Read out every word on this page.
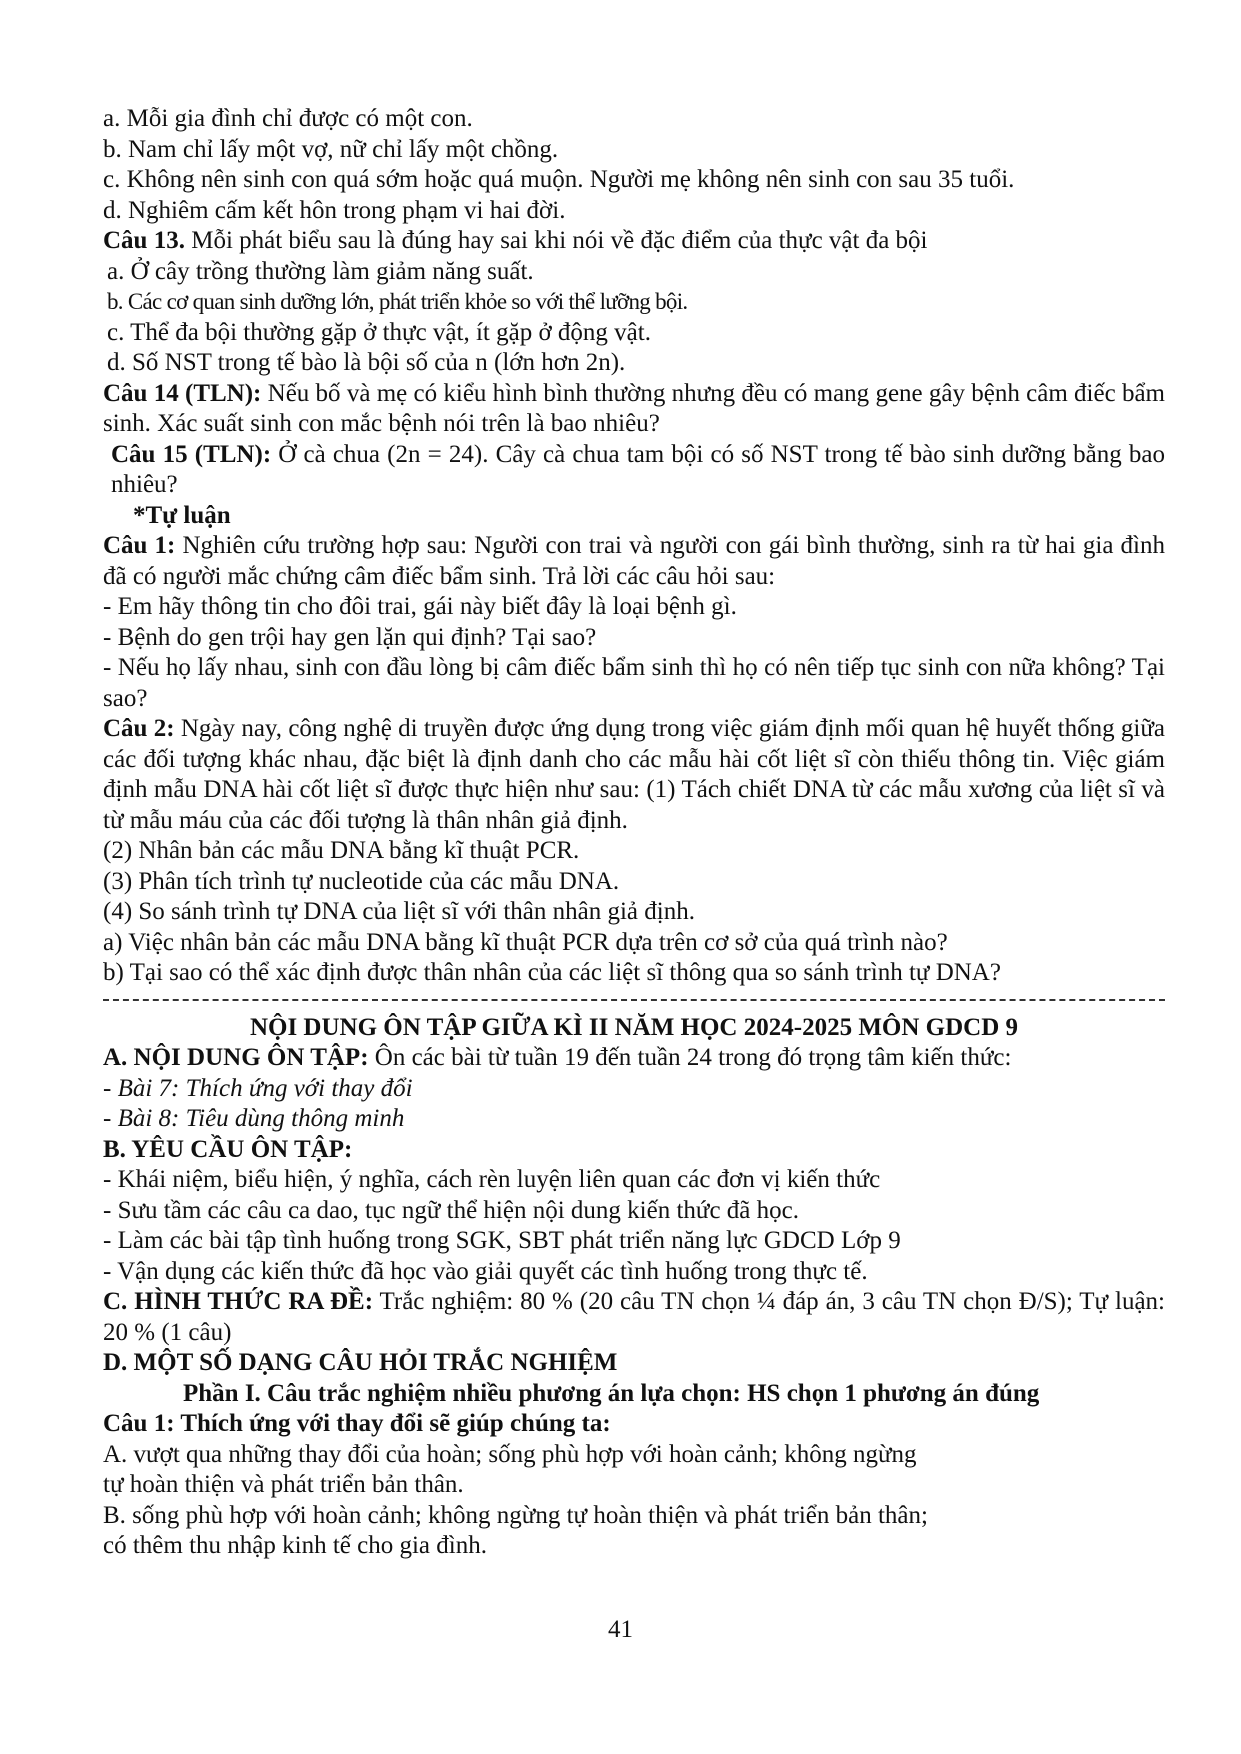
a. Mỗi gia đình chỉ được có một con.
b. Nam chỉ lấy một vợ, nữ chỉ lấy một chồng.
c. Không nên sinh con quá sớm hoặc quá muộn. Người mẹ không nên sinh con sau 35 tuổi.
d. Nghiêm cấm kết hôn trong phạm vi hai đời.
Câu 13. Mỗi phát biểu sau là đúng hay sai khi nói về đặc điểm của thực vật đa bội
a. Ở cây trồng thường làm giảm năng suất.
b. Các cơ quan sinh dưỡng lớn, phát triển khỏe so với thể lưỡng bội.
c. Thể đa bội thường gặp ở thực vật, ít gặp ở động vật.
d. Số NST trong tế bào là bội số của n (lớn hơn 2n).
Câu 14 (TLN): Nếu bố và mẹ có kiểu hình bình thường nhưng đều có mang gene gây bệnh câm điếc bẩm sinh. Xác suất sinh con mắc bệnh nói trên là bao nhiêu?
Câu 15 (TLN): Ở cà chua (2n = 24). Cây cà chua tam bội có số NST trong tế bào sinh dưỡng bằng bao nhiêu?
*Tự luận
Câu 1: Nghiên cứu trường hợp sau: Người con trai và người con gái bình thường, sinh ra từ hai gia đình đã có người mắc chứng câm điếc bẩm sinh. Trả lời các câu hỏi sau:
- Em hãy thông tin cho đôi trai, gái này biết đây là loại bệnh gì.
- Bệnh do gen trội hay gen lặn qui định? Tại sao?
- Nếu họ lấy nhau, sinh con đầu lòng bị câm điếc bẩm sinh thì họ có nên tiếp tục sinh con nữa không? Tại sao?
Câu 2: Ngày nay, công nghệ di truyền được ứng dụng trong việc giám định mối quan hệ huyết thống giữa các đối tượng khác nhau, đặc biệt là định danh cho các mẫu hài cốt liệt sĩ còn thiếu thông tin. Việc giám định mẫu DNA hài cốt liệt sĩ được thực hiện như sau: (1) Tách chiết DNA từ các mẫu xương của liệt sĩ và từ mẫu máu của các đối tượng là thân nhân giả định.
(2) Nhân bản các mẫu DNA bằng kĩ thuật PCR.
(3) Phân tích trình tự nucleotide của các mẫu DNA.
(4) So sánh trình tự DNA của liệt sĩ với thân nhân giả định.
a) Việc nhân bản các mẫu DNA bằng kĩ thuật PCR dựa trên cơ sở của quá trình nào?
b) Tại sao có thể xác định được thân nhân của các liệt sĩ thông qua so sánh trình tự DNA?
NỘI DUNG ÔN TẬP GIỮA KÌ II NĂM HỌC 2024-2025 MÔN GDCD 9
A. NỘI DUNG ÔN TẬP: Ôn các bài từ tuần 19 đến tuần 24 trong đó trọng tâm kiến thức:
- Bài 7: Thích ứng với thay đổi
- Bài 8: Tiêu dùng thông minh
B. YÊU CẦU ÔN TẬP:
- Khái niệm, biểu hiện, ý nghĩa, cách rèn luyện liên quan các đơn vị kiến thức
- Sưu tầm các câu ca dao, tục ngữ thể hiện nội dung kiến thức đã học.
- Làm các bài tập tình huống trong SGK, SBT phát triển năng lực GDCD Lớp 9
- Vận dụng các kiến thức đã học vào giải quyết các tình huống trong thực tế.
C. HÌNH THỨC RA ĐỀ: Trắc nghiệm: 80 % (20 câu TN chọn ¼ đáp án, 3 câu TN chọn Đ/S); Tự luận: 20 % (1 câu)
D. MỘT SỐ DẠNG CÂU HỎI TRẮC NGHIỆM
Phần I. Câu trắc nghiệm nhiều phương án lựa chọn: HS chọn 1 phương án đúng
Câu 1: Thích ứng với thay đổi sẽ giúp chúng ta:
A. vượt qua những thay đổi của hoàn; sống phù hợp với hoàn cảnh; không ngừng
tự hoàn thiện và phát triển bản thân.
B. sống phù hợp với hoàn cảnh; không ngừng tự hoàn thiện và phát triển bản thân;
có thêm thu nhập kinh tế cho gia đình.
41
